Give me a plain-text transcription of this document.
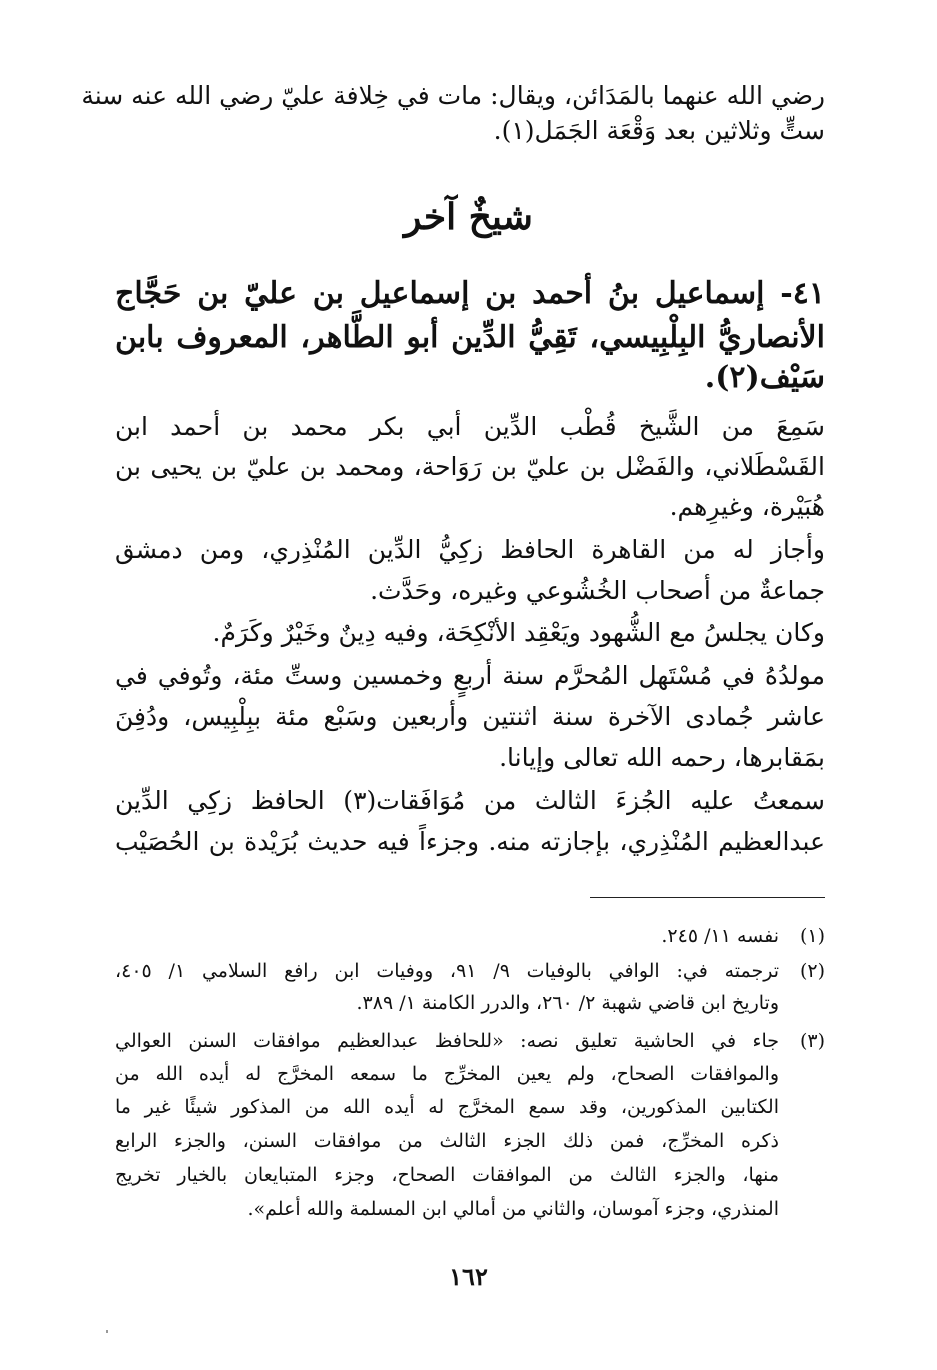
رضي الله عنهما بالمَدَائن، ويقال: مات في خِلافة عليّ رضي الله عنه سنة
ستٍّ وثلاثين بعد وَقْعَة الجَمَل(١).
شيخٌ آخر
٤١- إسماعيل بنُ أحمد بن إسماعيل بن عليّ بن حَجَّاج
الأنصاريُّ البِلْبِيسي، تَقِيُّ الدِّين أبو الطَّاهر، المعروف بابن
سَيْف(٢).
سَمِعَ من الشَّيخ قُطْب الدِّين أبي بكر محمد بن أحمد ابن
القَسْطَلاني، والفَضْل بن عليّ بن رَوَاحة، ومحمد بن عليّ بن يحيى بن
هُبَيْرة، وغيرِهم.
وأجاز له من القاهرة الحافظ زكِيُّ الدِّين المُنْذِري، ومن دمشق
جماعةٌ من أصحاب الخُشُوعي وغيره، وحَدَّث.
وكان يجلسُ مع الشُّهود ويَعْقِد الأنْكِحَة، وفيه دِينٌ وخَيْرٌ وكَرَمٌ.
مولدُهُ في مُسْتَهل المُحرَّم سنة أربعٍ وخمسين وستِّ مئة، وتُوفي في
عاشر جُمادى الآخرة سنة اثنتين وأربعين وسَبْع مئة ببِلْبِيس، ودُفِنَ
بمَقابرها، رحمه الله تعالى وإيانا.
سمعتُ عليه الجُزءَ الثالث من مُوَافَقات(٣) الحافظ زكِي الدِّين
عبدالعظيم المُنْذِري، بإجازته منه. وجزءاً فيه حديث بُرَيْدة بن الحُصَيْب
(١)
نفسه ١١/ ٢٤٥.
(٢)
ترجمته في: الوافي بالوفيات ٩/ ٩١، ووفيات ابن رافع السلامي ١/ ٤٠٥،
وتاريخ ابن قاضي شهبة ٢/ ٢٦٠، والدرر الكامنة ١/ ٣٨٩.
(٣)
جاء في الحاشية تعليق نصه: «للحافظ عبدالعظيم موافقات السنن العوالي
والموافقات الصحاح، ولم يعين المخرِّج ما سمعه المخرَّج له أيده الله من
الكتابين المذكورين، وقد سمع المخرَّج له أيده الله من المذكور شيئًا غير ما
ذكره المخرِّج، فمن ذلك الجزء الثالث من موافقات السنن، والجزء الرابع
منها، والجزء الثالث من الموافقات الصحاح، وجزء المتبايعان بالخيار تخريج
المنذري، وجزء آموسان، والثاني من أمالي ابن المسلمة والله أعلم».
١٦٢
